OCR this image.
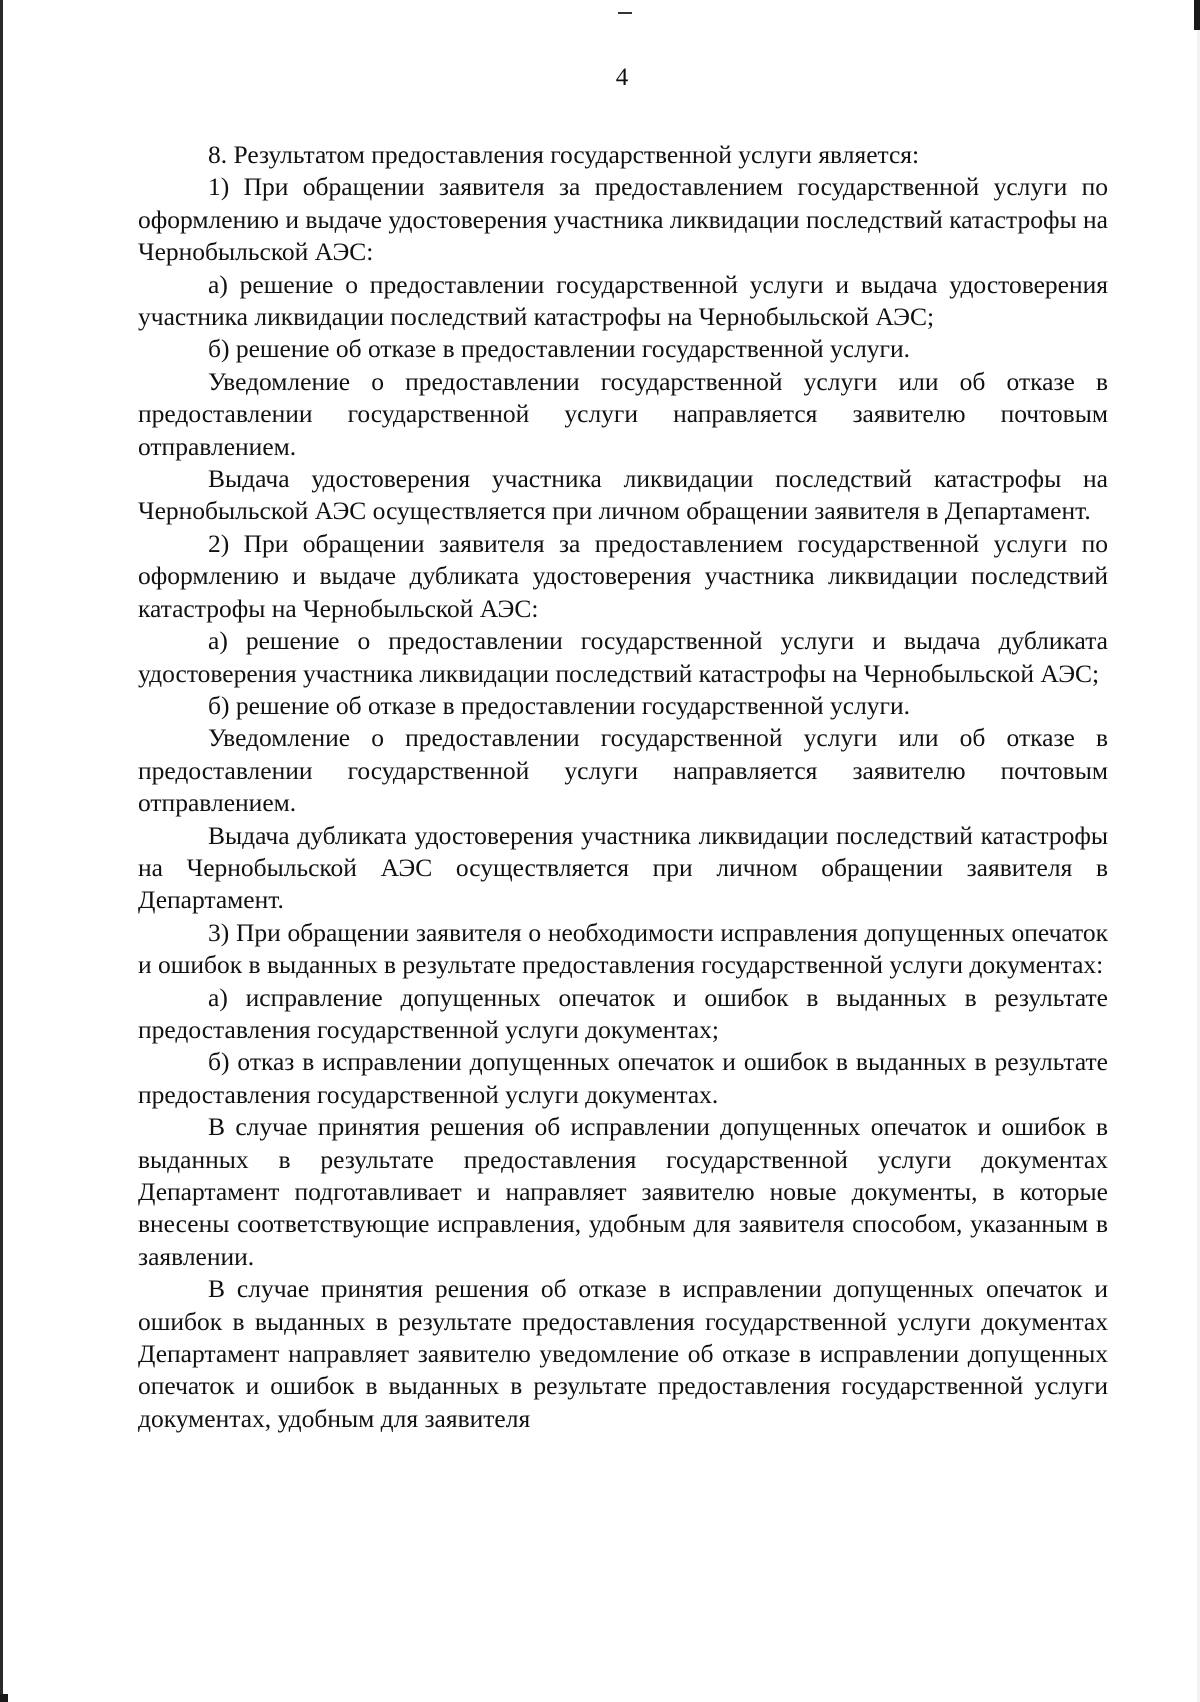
4

8. Результатом предоставления государственной услуги является:

1) При обращении заявителя за предоставлением государственной услуги по оформлению и выдаче удостоверения участника ликвидации последствий катастрофы на Чернобыльской АЭС:

а) решение о предоставлении государственной услуги и выдача удостоверения участника ликвидации последствий катастрофы на Чернобыльской АЭС;

б) решение об отказе в предоставлении государственной услуги.

Уведомление о предоставлении государственной услуги или об отказе в предоставлении государственной услуги направляется заявителю почтовым отправлением.

Выдача удостоверения участника ликвидации последствий катастрофы на Чернобыльской АЭС осуществляется при личном обращении заявителя в Департамент.

2) При обращении заявителя за предоставлением государственной услуги по оформлению и выдаче дубликата удостоверения участника ликвидации последствий катастрофы на Чернобыльской АЭС:

а) решение о предоставлении государственной услуги и выдача дубликата удостоверения участника ликвидации последствий катастрофы на Чернобыльской АЭС;

б) решение об отказе в предоставлении государственной услуги.

Уведомление о предоставлении государственной услуги или об отказе в предоставлении государственной услуги направляется заявителю почтовым отправлением.

Выдача дубликата удостоверения участника ликвидации последствий катастрофы на Чернобыльской АЭС осуществляется при личном обращении заявителя в Департамент.

3) При обращении заявителя о необходимости исправления допущенных опечаток и ошибок в выданных в результате предоставления государственной услуги документах:

а) исправление допущенных опечаток и ошибок в выданных в результате предоставления государственной услуги документах;

б) отказ в исправлении допущенных опечаток и ошибок в выданных в результате предоставления государственной услуги документах.

В случае принятия решения об исправлении допущенных опечаток и ошибок в выданных в результате предоставления государственной услуги документах Департамент подготавливает и направляет заявителю новые документы, в которые внесены соответствующие исправления, удобным для заявителя способом, указанным в заявлении.

В случае принятия решения об отказе в исправлении допущенных опечаток и ошибок в выданных в результате предоставления государственной услуги документах Департамент направляет заявителю уведомление об отказе в исправлении допущенных опечаток и ошибок в выданных в результате предоставления государственной услуги документах, удобным для заявителя
